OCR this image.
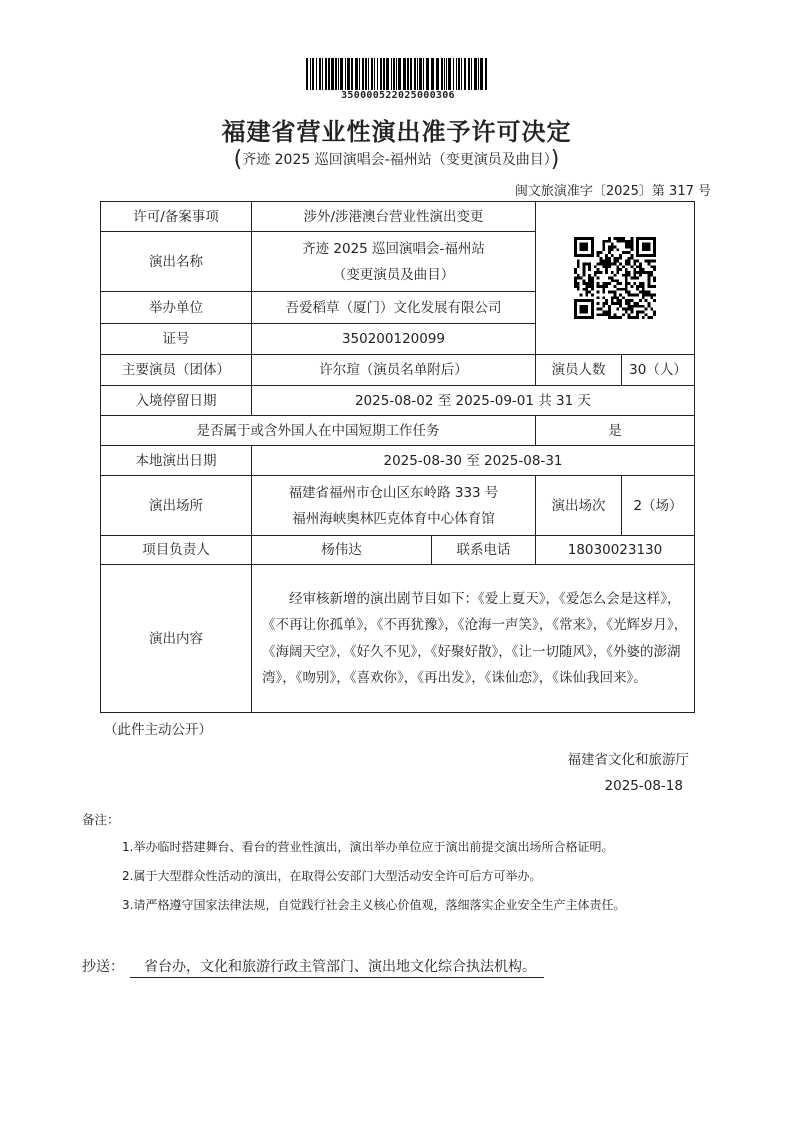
350000522025000306
福建省营业性演出准予许可决定
(齐迹 2025 巡回演唱会-福州站（变更演员及曲目）)
闽文旅演准字〔2025〕第 317 号
许可/备案事项	涉外/涉港澳台营业性演出变更	

演出名称	齐迹 2025 巡回演唱会-福州站
（变更演员及曲目）			

举办单位	吾爱稻草（厦门）文化发展有限公司			
证号	350200120099			
主要演员（团体）	许尔瑄（演员名单附后）		演员人数	30（人）
入境停留日期	2025-08-02 至 2025-09-01 共 31 天			
是否属于或含外国人在中国短期工作任务			是	
本地演出日期	2025-08-30 至 2025-08-31			
演出场所	福建省福州市仓山区东岭路 333 号
福州海峡奥林匹克体育中心体育馆		演出场次	2（场）
项目负责人	杨伟达	联系电话	18030023130	
演出内容	经审核新增的演出剧节目如下：《爱上夏天》，《爱怎么会是这样》，《不再让你孤单》，《不再犹豫》，《沧海一声笑》，《常来》，《光辉岁月》，《海阔天空》，《好久不见》，《好聚好散》，《让一切随风》，《外婆的澎湖湾》，《吻别》，《喜欢你》，《再出发》，《诛仙恋》，《诛仙我回来》。			
（此件主动公开）
福建省文化和旅游厅
2025-08-18
备注：
1.举办临时搭建舞台、看台的营业性演出，演出举办单位应于演出前提交演出场所合格证明。
2.属于大型群众性活动的演出，在取得公安部门大型活动安全许可后方可举办。
3.请严格遵守国家法律法规，自觉践行社会主义核心价值观，落细落实企业安全生产主体责任。
抄送： 省台办，文化和旅游行政主管部门、演出地文化综合执法机构。
